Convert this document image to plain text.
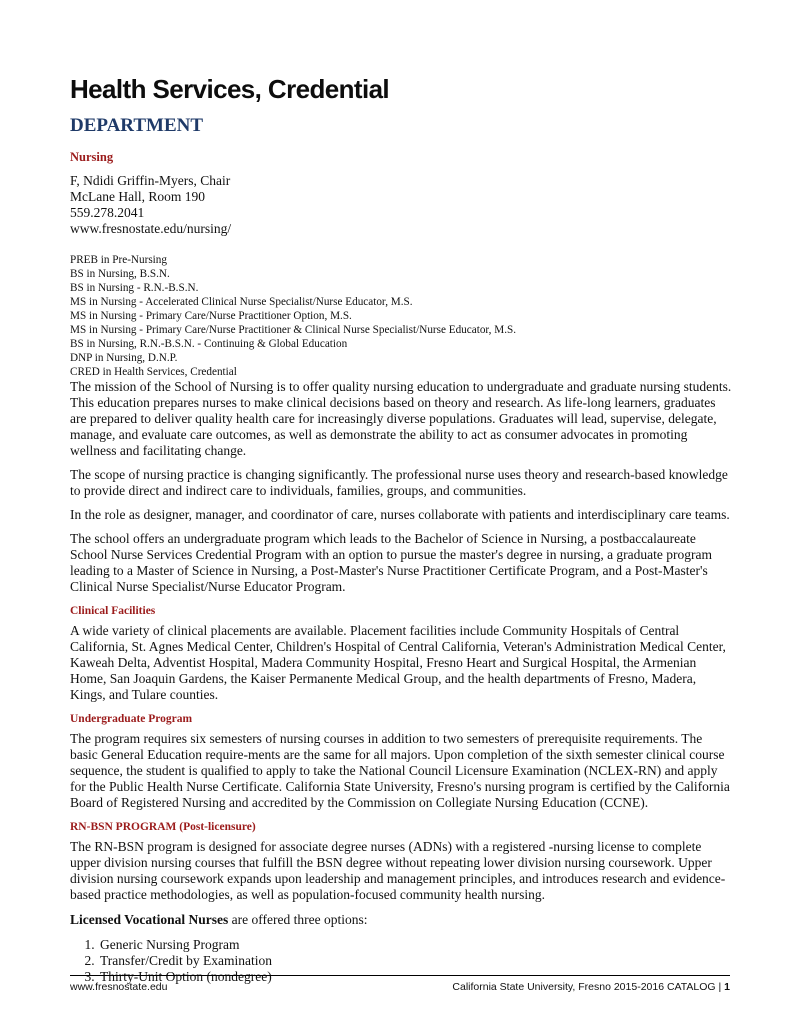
Health Services, Credential
DEPARTMENT
Nursing
F, Ndidi Griffin-Myers, Chair
McLane Hall, Room 190
559.278.2041
www.fresnostate.edu/nursing/
PREB in Pre-Nursing
BS in Nursing, B.S.N.
BS in Nursing - R.N.-B.S.N.
MS in Nursing - Accelerated Clinical Nurse Specialist/Nurse Educator, M.S.
MS in Nursing - Primary Care/Nurse Practitioner Option, M.S.
MS in Nursing - Primary Care/Nurse Practitioner & Clinical Nurse Specialist/Nurse Educator, M.S.
BS in Nursing, R.N.-B.S.N. - Continuing & Global Education
DNP in Nursing, D.N.P.
CRED in Health Services, Credential

The mission of the School of Nursing is to offer quality nursing education to undergraduate and graduate nursing students. This education prepares nurses to make clinical decisions based on theory and research. As life-long learners, graduates are prepared to deliver quality health care for increasingly diverse populations. Graduates will lead, supervise, delegate, manage, and evaluate care outcomes, as well as demonstrate the ability to act as consumer advocates in promoting wellness and facilitating change.

The scope of nursing practice is changing significantly. The professional nurse uses theory and research-based knowledge to provide direct and indirect care to individuals, families, groups, and communities.

In the role as designer, manager, and coordinator of care, nurses collaborate with patients and interdisciplinary care teams.

The school offers an undergraduate program which leads to the Bachelor of Science in Nursing, a postbaccalaureate School Nurse Services Credential Program with an option to pursue the master's degree in nursing, a graduate program leading to a Master of Science in Nursing, a Post-Master's Nurse Practitioner Certificate Program, and a Post-Master's Clinical Nurse Specialist/Nurse Educator Program.

Clinical Facilities

A wide variety of clinical placements are available. Placement facilities include Community Hospitals of Central California, St. Agnes Medical Center, Children's Hospital of Central California, Veteran's Administration Medical Center, Kaweah Delta, Adventist Hospital, Madera Community Hospital, Fresno Heart and Surgical Hospital, the Armenian Home, San Joaquin Gardens, the Kaiser Permanente Medical Group, and the health departments of Fresno, Madera, Kings, and Tulare counties.

Undergraduate Program

The program requires six semesters of nursing courses in addition to two semesters of prerequisite requirements. The basic General Education require-ments are the same for all majors. Upon completion of the sixth semester clinical course sequence, the student is qualified to apply to take the National Council Licensure Examination (NCLEX-RN) and apply for the Public Health Nurse Certificate. California State University, Fresno's nursing program is certified by the California Board of Registered Nursing and accredited by the Commission on Collegiate Nursing Education (CCNE).

RN-BSN PROGRAM (Post-licensure)

The RN-BSN program is designed for associate degree nurses (ADNs) with a registered -nursing license to complete upper division nursing courses that fulfill the BSN degree without repeating lower division nursing coursework. Upper division nursing coursework expands upon leadership and management principles, and introduces research and evidence-based practice methodologies, as well as population-focused community health nursing.

Licensed Vocational Nurses are offered three options:

1. Generic Nursing Program
2. Transfer/Credit by Examination
3. Thirty-Unit Option (nondegree)
www.fresnostate.edu	California State University, Fresno 2015-2016 CATALOG | 1
